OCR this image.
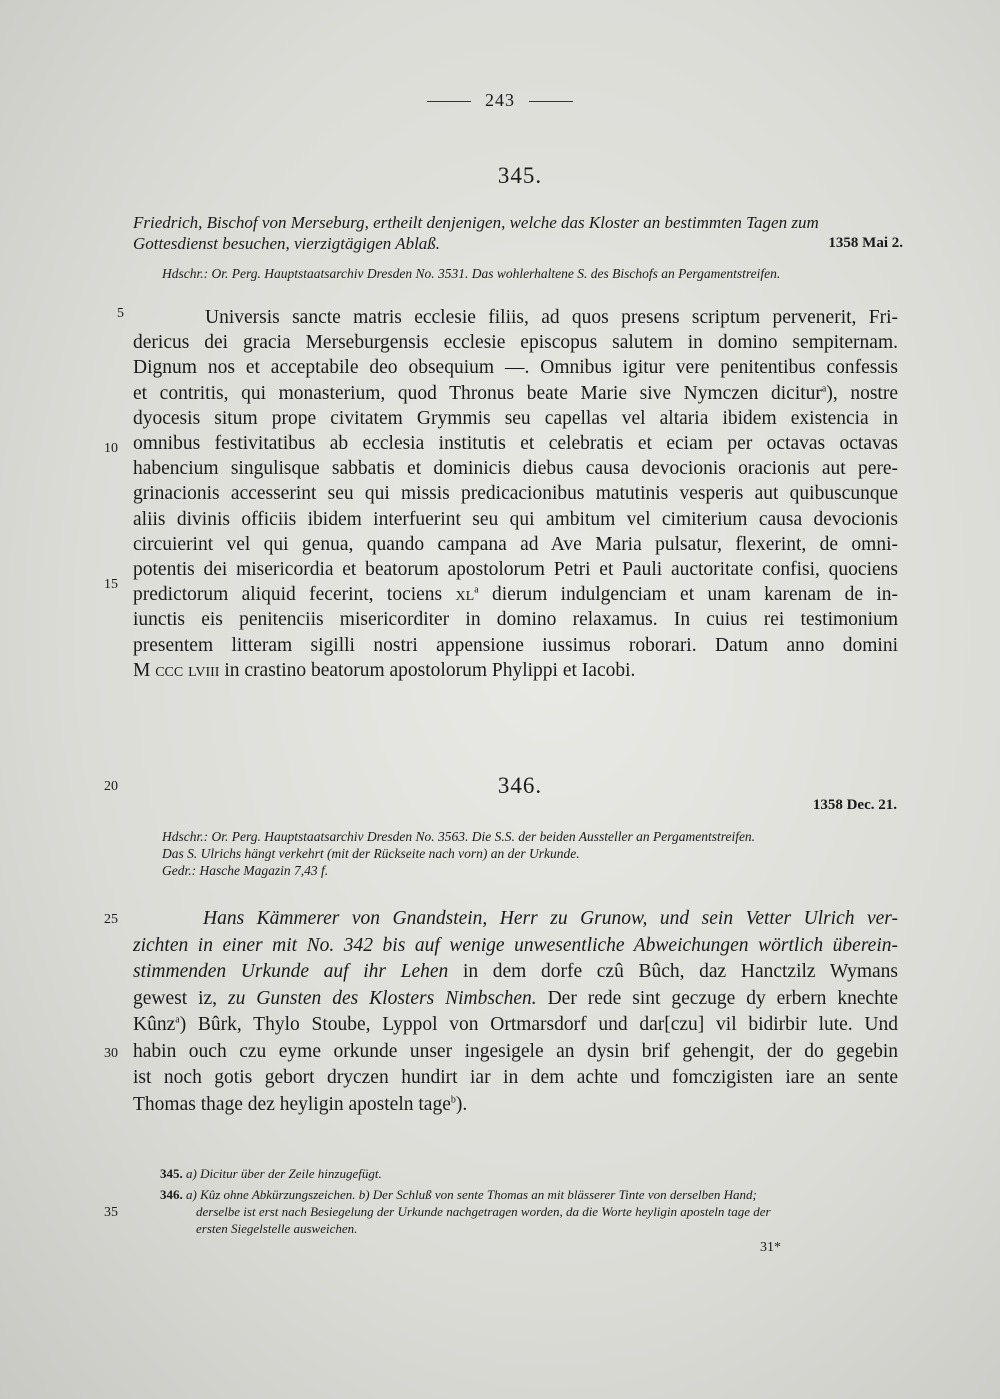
243
345.
Friedrich, Bischof von Merseburg, ertheilt denjenigen, welche das Kloster an bestimmten Tagen zum
Gottesdienst besuchen, vierzigtägigen Ablaß.	1358 Mai 2.
Hdschr.: Or. Perg. Hauptstaatsarchiv Dresden No. 3531. Das wohlerhaltene S. des Bischofs an Pergamentstreifen.
Universis sancte matris ecclesie filiis, ad quos presens scriptum pervenerit, Fri-
dericus dei gracia Merseburgensis ecclesie episcopus salutem in domino sempiternam.
Dignum nos et acceptabile deo obsequium —. Omnibus igitur vere penitentibus confessis
et contritis, qui monasterium, quod Thronus beate Marie sive Nymczen dicitur$^a$), nostre
dyocesis situm prope civitatem Grymmis seu capellas vel altaria ibidem existencia in
omnibus festivitatibus ab ecclesia institutis et celebratis et eciam per octavas octavas
habencium singulisque sabbatis et dominicis diebus causa devocionis oracionis aut pere-
grinacionis accesserint seu qui missis predicacionibus matutinis vesperis aut quibuscunque
aliis divinis officiis ibidem interfuerint seu qui ambitum vel cimiterium causa devocionis
circuierint vel qui genua, quando campana ad Ave Maria pulsatur, flexerint, de omni-
potentis dei misericordia et beatorum apostolorum Petri et Pauli auctoritate confisi, quociens
predictorum aliquid fecerint, tociens $xl^a$ dierum indulgenciam et unam karenam de in-
iunctis eis penitenciis misericorditer in domino relaxamus. In cuius rei testimonium
presentem litteram sigilli nostri appensione iussimus roborari. Datum anno domini
M ccc lviii in crastino beatorum apostolorum Phylippi et Iacobi.
346.
1358 Dec. 21.
Hdschr.: Or. Perg. Hauptstaatsarchiv Dresden No. 3563. Die S.S. der beiden Aussteller an Pergamentstreifen.
Das S. Ulrichs hängt verkehrt (mit der Rückseite nach vorn) an der Urkunde.
Gedr.: Hasche Magazin 7,43 f.
Hans Kämmerer von Gnandstein, Herr zu Grunow, und sein Vetter Ulrich ver-
zichten in einer mit No. 342 bis auf wenige unwesentliche Abweichungen wörtlich überein-
stimmenden Urkunde auf ihr Lehen in dem dorfe czû Bûch, daz Hanctzilz Wymans
gewest iz, zu Gunsten des Klosters Nimbschen. Der rede sint geczuge dy erbern knechte
Kûnz$^a$) Bûrk, Thylo Stoube, Lyppol von Ortmarsdorf und dar[czu] vil bidirbir lute. Und
habin ouch czu eyme orkunde unser ingesigele an dysin brif gehengit, der do gegebin
ist noch gotis gebort dryczen hundirt iar in dem achte und fomczigisten iare an sente
Thomas thage dez heyligin aposteln tage$^b$).
5
10
15
20
25
30
35
345. a) Dicitur über der Zeile hinzugefügt.
346. a) Kûz ohne Abkürzungszeichen. b) Der Schluß von sente Thomas an mit blässerer Tinte von derselben Hand;
derselbe ist erst nach Besiegelung der Urkunde nachgetragen worden, da die Worte heyligin aposteln tage der
ersten Siegelstelle ausweichen.
31*
